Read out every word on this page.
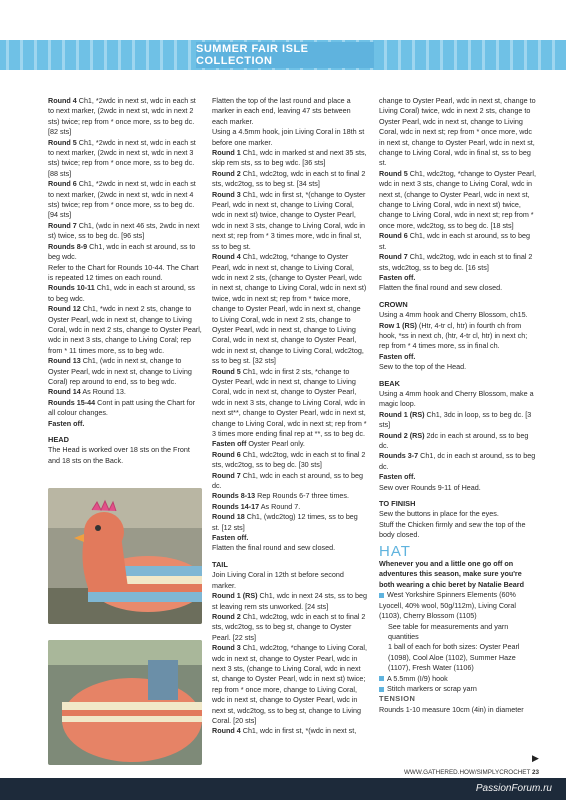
SUMMER FAIR ISLE COLLECTION

Round 4 Ch1, *2wdc in next st, wdc in each st to next marker, (2wdc in next st, wdc in next 2 sts) twice; rep from * once more, ss to beg dc. [82 sts]

Round 5 Ch1, *2wdc in next st, wdc in each st to next marker, (2wdc in next st, wdc in next 3 sts) twice; rep from * once more, ss to beg dc. [88 sts]

Round 6 Ch1, *2wdc in next st, wdc in each st to next marker, (2wdc in next st, wdc in next 4 sts) twice; rep from * once more, ss to beg dc. [94 sts]

Round 7 Ch1, (wdc in next 46 sts, 2wdc in next st) twice, ss to beg dc. [96 sts]

Rounds 8-9 Ch1, wdc in each st around, ss to beg wdc.

Refer to the Chart for Rounds 10-44. The Chart is repeated 12 times on each round.

Rounds 10-11 Ch1, wdc in each st around, ss to beg wdc.

Round 12 Ch1, *wdc in next 2 sts, change to Oyster Pearl, wdc in next st, change to Living Coral, wdc in next 2 sts, change to Oyster Pearl, wdc in next 3 sts, change to Living Coral; rep from * 11 times more, ss to beg wdc.

Round 13 Ch1, (wdc in next st, change to Oyster Pearl, wdc in next st, change to Living Coral) rep around to end, ss to beg wdc.

Round 14 As Round 13.

Rounds 15-44 Cont in patt using the Chart for all colour changes.

Fasten off.

HEAD

The Head is worked over 18 sts on the Front and 18 sts on the Back.

Flatten the top of the last round and place a marker in each end, leaving 47 sts between each marker.

Using a 4.5mm hook, join Living Coral in 18th st before one marker.

Round 1 Ch1, wdc in marked st and next 35 sts, skip rem sts, ss to beg wdc. [36 sts]

Round 2 Ch1, wdc2tog, wdc in each st to final 2 sts, wdc2tog, ss to beg st. [34 sts]

Round 3 Ch1, wdc in first st, *(change to Oyster Pearl, wdc in next st, change to Living Coral, wdc in next st) twice, change to Oyster Pearl, wdc in next 3 sts, change to Living Coral, wdc in next st; rep from * 3 times more, wdc in final st, ss to beg st.

Round 4 Ch1, wdc2tog, *change to Oyster Pearl, wdc in next st, change to Living Coral, wdc in next 2 sts, (change to Oyster Pearl, wdc in next st, change to Living Coral, wdc in next st) twice, wdc in next st; rep from * twice more, change to Oyster Pearl, wdc in next st, change to Living Coral, wdc in next 2 sts, change to Oyster Pearl, wdc in next st, change to Living Coral, wdc in next st, change to Oyster Pearl, wdc in next st, change to Living Coral, wdc2tog, ss to beg st. [32 sts]

Round 5 Ch1, wdc in first 2 sts, *change to Oyster Pearl, wdc in next st, change to Living Coral, wdc in next st, change to Oyster Pearl, wdc in next 3 sts, change to Living Coral, wdc in next st**, change to Oyster Pearl, wdc in next st, change to Living Coral, wdc in next st; rep from * 3 times more ending final rep at **, ss to beg dc.

Fasten off Oyster Pearl only.

Round 6 Ch1, wdc2tog, wdc in each st to final 2 sts, wdc2tog, ss to beg dc. [30 sts]

Round 7 Ch1, wdc in each st around, ss to beg dc.

Rounds 8-13 Rep Rounds 6-7 three times.

Rounds 14-17 As Round 7.

Round 18 Ch1, (wdc2tog) 12 times, ss to beg st. [12 sts]

Fasten off.

Flatten the final round and sew closed.

TAIL

Join Living Coral in 12th st before second marker.

Round 1 (RS) Ch1, wdc in next 24 sts, ss to beg st leaving rem sts unworked. [24 sts]

Round 2 Ch1, wdc2tog, wdc in each st to final 2 sts, wdc2tog, ss to beg st, change to Oyster Pearl. [22 sts]

Round 3 Ch1, wdc2tog, *change to Living Coral, wdc in next st, change to Oyster Pearl, wdc in next 3 sts, (change to Living Coral, wdc in next st, change to Oyster Pearl, wdc in next st) twice; rep from * once more, change to Living Coral, wdc in next st, change to Oyster Pearl, wdc in next st, wdc2tog, ss to beg st, change to Living Coral. [20 sts]

Round 4 Ch1, wdc in first st, *(wdc in next st,

change to Oyster Pearl, wdc in next st, change to Living Coral) twice, wdc in next 2 sts, change to Oyster Pearl, wdc in next st, change to Living Coral, wdc in next st; rep from * once more, wdc in next st, change to Oyster Pearl, wdc in next st, change to Living Coral, wdc in final st, ss to beg st.

Round 5 Ch1, wdc2tog, *change to Oyster Pearl, wdc in next 3 sts, change to Living Coral, wdc in next st, (change to Oyster Pearl, wdc in next st, change to Living Coral, wdc in next st) twice, change to Living Coral, wdc in next st; rep from * once more, wdc2tog, ss to beg dc. [18 sts]

Round 6 Ch1, wdc in each st around, ss to beg st.

Round 7 Ch1, wdc2tog, wdc in each st to final 2 sts, wdc2tog, ss to beg dc. [16 sts]

Fasten off.

Flatten the final round and sew closed.

CROWN

Using a 4mm hook and Cherry Blossom, ch15.

Row 1 (RS) (Htr, 4-tr cl, htr) in fourth ch from hook, *ss in next ch, (htr, 4-tr cl, htr) in next ch; rep from * 4 times more, ss in final ch.

Fasten off.

Sew to the top of the Head.

BEAK

Using a 4mm hook and Cherry Blossom, make a magic loop.

Round 1 (RS) Ch1, 3dc in loop, ss to beg dc. [3 sts]

Round 2 (RS) 2dc in each st around, ss to beg dc.

Rounds 3-7 Ch1, dc in each st around, ss to beg dc.

Fasten off.

Sew over Rounds 9-11 of Head.

TO FINISH

Sew the buttons in place for the eyes.

Stuff the Chicken firmly and sew the top of the body closed.

HAT

Whenever you and a little one go off on adventures this season, make sure you're both wearing a chic beret by Natalie Beard

West Yorkshire Spinners Elements (60% Lyocell, 40% wool, 50g/112m), Living Coral (1103), Cherry Blossom (1105)

See table for measurements and yarn quantities

1 ball of each for both sizes: Oyster Pearl (1098), Cool Aloe (1102), Summer Haze (1107), Fresh Water (1106)

A 5.5mm (I/9) hook

Stitch markers or scrap yarn

TENSION

Rounds 1-10 measure 10cm (4in) in diameter

▶
WWW.GATHERED.HOW/SIMPLYCROCHET 23
PassionForum.ru
